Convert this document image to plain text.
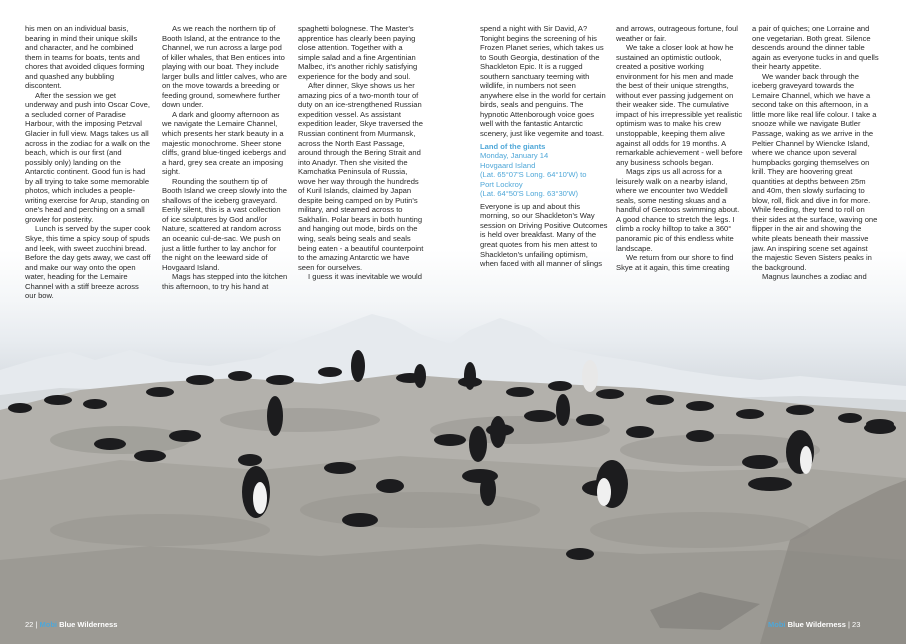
his men on an individual basis, bearing in mind their unique skills and character, and he combined them in teams for boats, tents and chores that avoided cliques forming and quashed any bubbling discontent.

After the session we get underway and push into Oscar Cove, a secluded corner of Paradise Harbour, with the imposing Petzval Glacier in full view. Mags takes us all across in the zodiac for a walk on the beach, which is our first (and possibly only) landing on the Antarctic continent. Good fun is had by all trying to take some memorable photos, which includes a people-writing exercise for Arup, standing on one's head and perching on a small growler for posterity.

Lunch is served by the super cook Skye, this time a spicy soup of spuds and leek, with sweet zucchini bread. Before the day gets away, we cast off and make our way onto the open water, heading for the Lemaire Channel with a stiff breeze across our bow.

As we reach the northern tip of Booth Island, at the entrance to the Channel, we run across a large pod of killer whales, that Ben entices into playing with our boat. They include larger bulls and littler calves, who are on the move towards a breeding or feeding ground, somewhere further down under.

A dark and gloomy afternoon as we navigate the Lemaire Channel, which presents her stark beauty in a majestic monochrome. Sheer stone cliffs, grand blue-tinged icebergs and a hard, grey sea create an imposing sight.

Rounding the southern tip of Booth Island we creep slowly into the shallows of the iceberg graveyard. Eerily silent, this is a vast collection of ice sculptures by God and/or Nature, scattered at random across an oceanic cul-de-sac. We push on just a little further to lay anchor for the night on the leeward side of Hovgaard Island.

Mags has stepped into the kitchen this afternoon, to try his hand at

spaghetti bolognese. The Master's apprentice has clearly been paying close attention. Together with a simple salad and a fine Argentinian Malbec, it's another richly satisfying experience for the body and soul.

After dinner, Skye shows us her amazing pics of a two-month tour of duty on an ice-strengthened Russian expedition vessel. As assistant expedition leader, Skye traversed the Russian continent from Murmansk, across the North East Passage, around through the Bering Strait and into Anadyr. Then she visited the Kamchatka Peninsula of Russia, wove her way through the hundreds of Kuril Islands, claimed by Japan despite being camped on by Putin's military, and steamed across to Sakhalin. Polar bears in both hunting and hanging out mode, birds on the wing, seals being seals and seals being eaten - a beautiful counterpoint to the amazing Antarctic we have seen for ourselves.

I guess it was inevitable we would

spend a night with Sir David, A? Tonight begins the screening of his Frozen Planet series, which takes us to South Georgia, destination of the Shackleton Epic. It is a rugged southern sanctuary teeming with wildlife, in numbers not seen anywhere else in the world for certain birds, seals and penguins. The hypnotic Attenborough voice goes well with the fantastic Antarctic scenery, just like vegemite and toast.

Land of the giants

Monday, January 14

Hovgaard Island

(Lat. 65°07'S Long. 64°10'W) to

Port Lockroy

(Lat. 64°50'S Long. 63°30'W)

Everyone is up and about this morning, so our Shackleton's Way session on Driving Positive Outcomes is held over breakfast. Many of the great quotes from his men attest to Shackleton's unfailing optimism, when faced with all manner of slings

and arrows, outrageous fortune, foul weather or fair.

We take a closer look at how he sustained an optimistic outlook, created a positive working environment for his men and made the best of their unique strengths, without ever passing judgement on their weaker side. The cumulative impact of his irrepressible yet realistic optimism was to make his crew unstoppable, keeping them alive against all odds for 19 months. A remarkable achievement - well before any business schools began.

Mags zips us all across for a leisurely walk on a nearby island, where we encounter two Weddell seals, some nesting skuas and a handful of Gentoos swimming about. A good chance to stretch the legs. I climb a rocky hilltop to take a 360° panoramic pic of this endless white landscape.

We return from our shore to find Skye at it again, this time creating

a pair of quiches; one Lorraine and one vegetarian. Both great. Silence descends around the dinner table again as everyone tucks in and quells their hearty appetite.

We wander back through the iceberg graveyard towards the Lemaire Channel, which we have a second take on this afternoon, in a little more like real life colour. I take a snooze while we navigate Butler Passage, waking as we arrive in the Peltier Channel by Wiencke Island, where we chance upon several humpbacks gorging themselves on krill. They are hoovering great quantities at depths between 25m and 40m, then slowly surfacing to blow, roll, flick and dive in for more. While feeding, they tend to roll on their sides at the surface, waving one flipper in the air and showing the white pleats beneath their massive jaw. An inspiring scene set against the majestic Seven Sisters peaks in the background.

Magnus launches a zodiac and

22 | Mobi Blue Wilderness	Mobi Blue Wilderness | 23
